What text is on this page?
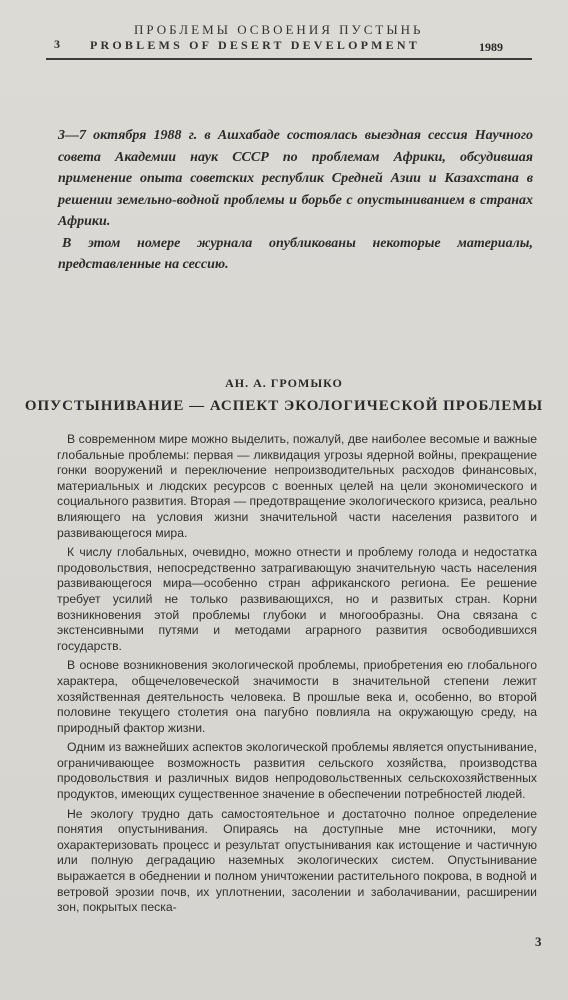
ПРОБЛЕМЫ ОСВОЕНИЯ ПУСТЫНЬ
3	PROBLEMS OF DESERT DEVELOPMENT	1989

3—7 октября 1988 г. в Ашхабаде состоялась выездная сессия Научного совета Академии наук СССР по проблемам Африки, обсудившая применение опыта советских республик Средней Азии и Казахстана в решении земельно-водной проблемы и борьбе с опустыниванием в странах Африки.

В этом номере журнала опубликованы некоторые материалы, представленные на сессию.

АН. А. ГРОМЫКО
ОПУСТЫНИВАНИЕ — АСПЕКТ ЭКОЛОГИЧЕСКОЙ ПРОБЛЕМЫ

В современном мире можно выделить, пожалуй, две наиболее весомые и важные глобальные проблемы: первая — ликвидация угрозы ядерной войны, прекращение гонки вооружений и переключение непроизводительных расходов финансовых, материальных и людских ресурсов с военных целей на цели экономического и социального развития. Вторая — предотвращение экологического кризиса, реально влияющего на условия жизни значительной части населения развитого и развивающегося мира.

К числу глобальных, очевидно, можно отнести и проблему голода и недостатка продовольствия, непосредственно затрагивающую значительную часть населения развивающегося мира—особенно стран африканского региона. Ее решение требует усилий не только развивающихся, но и развитых стран. Корни возникновения этой проблемы глубоки и многообразны. Она связана с экстенсивными путями и методами аграрного развития освободившихся государств.

В основе возникновения экологической проблемы, приобретения ею глобального характера, общечеловеческой значимости в значительной степени лежит хозяйственная деятельность человека. В прошлые века и, особенно, во второй половине текущего столетия она пагубно повлияла на окружающую среду, на природный фактор жизни.

Одним из важнейших аспектов экологической проблемы является опустынивание, ограничивающее возможность развития сельского хозяйства, производства продовольствия и различных видов непродовольственных сельскохозяйственных продуктов, имеющих существенное значение в обеспечении потребностей людей.

Не экологу трудно дать самостоятельное и достаточно полное определение понятия опустынивания. Опираясь на доступные мне источники, могу охарактеризовать процесс и результат опустынивания как истощение и частичную или полную деградацию наземных экологических систем. Опустынивание выражается в обеднении и полном уничтожении растительного покрова, в водной и ветровой эрозии почв, их уплотнении, засолении и заболачивании, расширении зон, покрытых песка-

3
